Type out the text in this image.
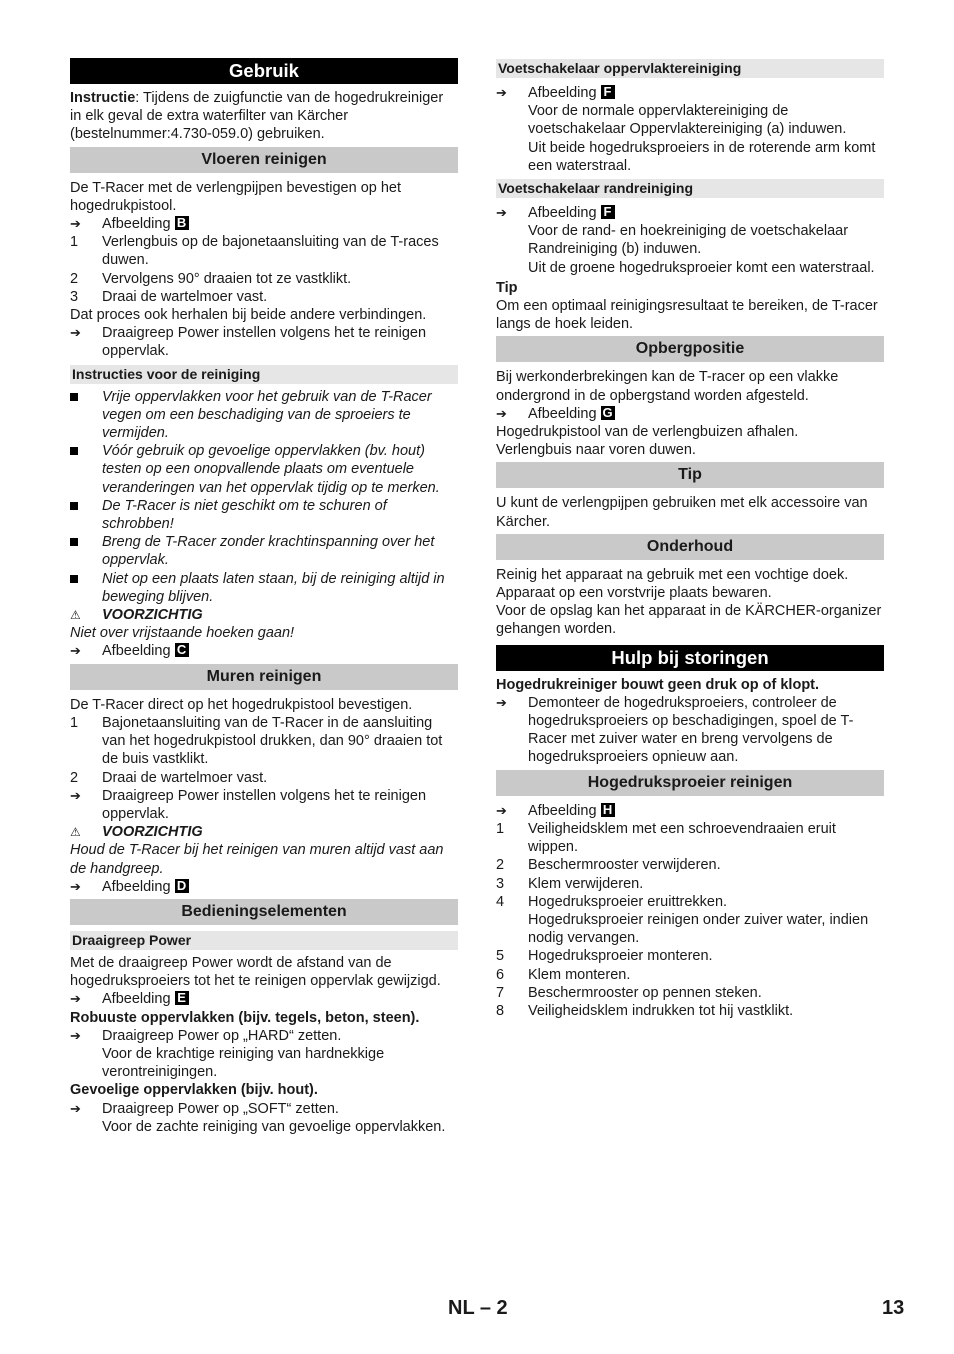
Gebruik

Instructie: Tijdens de zuigfunctie van de hogedrukreiniger in elk geval de extra waterfilter van Kärcher (bestelnummer:4.730-059.0) gebruiken.

Vloeren reinigen

De T-Racer met de verlengpijpen bevestigen op het hogedrukpistool.

➔	Afbeelding B
1	Verlengbuis op de bajonetaansluiting van de T-races duwen.
2	Vervolgens 90° draaien tot ze vastklikt.
3	Draai de wartelmoer vast.

Dat proces ook herhalen bij beide andere verbindingen.

➔	Draaigreep Power instellen volgens het te reinigen oppervlak.
Instructies voor de reiniging
Vrije oppervlakken voor het gebruik van de T-Racer vegen om een beschadiging van de sproeiers te vermijden.
Vóór gebruik op gevoelige oppervlakken (bv. hout) testen op een onopvallende plaats om eventuele veranderingen van het oppervlak tijdig op te merken.
De T-Racer is niet geschikt om te schuren of schrobben!
Breng de T-Racer zonder krachtinspanning over het oppervlak.
Niet op een plaats laten staan, bij de reiniging altijd in beweging blijven.
⚠	VOORZICHTIG

Niet over vrijstaande hoeken gaan!

➔	Afbeelding C
Muren reinigen

De T-Racer direct op het hogedrukpistool bevestigen.

1	Bajonetaansluiting van de T-Racer in de aansluiting van het hogedrukpistool drukken, dan 90° draaien tot de buis vastklikt.
2	Draai de wartelmoer vast.
➔	Draaigreep Power instellen volgens het te reinigen oppervlak.
⚠	VOORZICHTIG

Houd de T-Racer bij het reinigen van muren altijd vast aan de handgreep.

➔	Afbeelding D
Bedieningselementen
Draaigreep Power

Met de draaigreep Power wordt de afstand van de hogedruksproeiers tot het te reinigen oppervlak gewijzigd.

➔	Afbeelding E

Robuuste oppervlakken (bijv. tegels, beton, steen).

➔	Draaigreep Power op „HARD“ zetten.
Voor de krachtige reiniging van hardnekkige verontreinigingen.

Gevoelige oppervlakken (bijv. hout).

➔	Draaigreep Power op „SOFT“ zetten.
Voor de zachte reiniging van gevoelige oppervlakken.
Voetschakelaar oppervlaktereiniging
➔	Afbeelding F
Voor de normale oppervlaktereiniging de voetschakelaar Oppervlaktereiniging (a) induwen.
Uit beide hogedruksproeiers in de roterende arm komt een waterstraal.
Voetschakelaar randreiniging
➔	Afbeelding F
Voor de rand- en hoekreiniging de voetschakelaar Randreiniging (b) induwen.
Uit de groene hogedruksproeier komt een waterstraal.

Tip

Om een optimaal reinigingsresultaat te bereiken, de T-racer langs de hoek leiden.

Opbergpositie

Bij werkonderbrekingen kan de T-racer op een vlakke ondergrond in de opbergstand worden afgesteld.

➔	Afbeelding G

Hogedrukpistool van de verlengbuizen afhalen.

Verlengbuis naar voren duwen.

Tip

U kunt de verlengpijpen gebruiken met elk accessoire van Kärcher.

Onderhoud

Reinig het apparaat na gebruik met een vochtige doek.

Apparaat op een vorstvrije plaats bewaren.

Voor de opslag kan het apparaat in de KÄRCHER-organizer gehangen worden.

Hulp bij storingen

Hogedrukreiniger bouwt geen druk op of klopt.

➔	Demonteer de hogedruksproeiers, controleer de hogedruksproeiers op beschadigingen, spoel de T-Racer met zuiver water en breng vervolgens de hogedruksproeiers opnieuw aan.
Hogedruksproeier reinigen
➔	Afbeelding H
1	Veiligheidsklem met een schroevendraaien eruit wippen.
2	Beschermrooster verwijderen.
3	Klem verwijderen.
4	Hogedruksproeier eruittrekken.
Hogedruksproeier reinigen onder zuiver water, indien nodig vervangen.
5	Hogedruksproeier monteren.
6	Klem monteren.
7	Beschermrooster op pennen steken.
8	Veiligheidsklem indrukken tot hij vastklikt.
NL – 2	13
